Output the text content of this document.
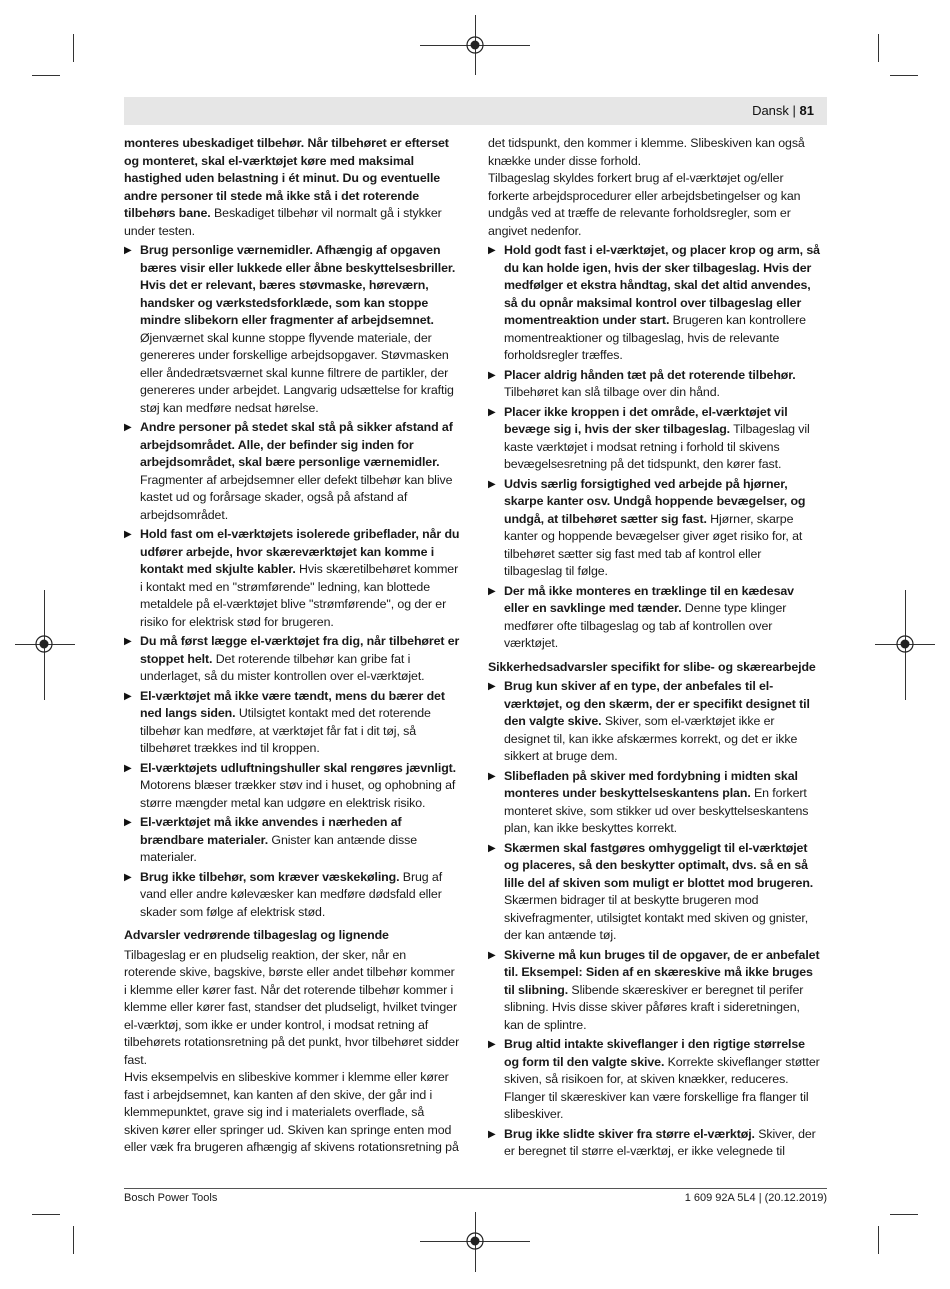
Dansk | 81
monteres ubeskadiget tilbehør. Når tilbehøret er efterset og monteret, skal el-værktøjet køre med maksimal hastighed uden belastning i ét minut. Du og eventuelle andre personer til stede må ikke stå i det roterende tilbehørs bane. Beskadiget tilbehør vil normalt gå i stykker under testen.
▶ Brug personlige værnemidler. Afhængig af opgaven bæres visir eller lukkede eller åbne beskyttelsesbriller. Hvis det er relevant, bæres støvmaske, høreværn, handsker og værkstedsforklæde, som kan stoppe mindre slibekorn eller fragmenter af arbejdsemnet. Øjenværnet skal kunne stoppe flyvende materiale, der genereres under forskellige arbejdsopgaver. Støvmasken eller åndedrætsværnet skal kunne filtrere de partikler, der genereres under arbejdet. Langvarig udsættelse for kraftig støj kan medføre nedsat hørelse.
▶ Andre personer på stedet skal stå på sikker afstand af arbejdsområdet. Alle, der befinder sig inden for arbejdsområdet, skal bære personlige værnemidler. Fragmenter af arbejdsemner eller defekt tilbehør kan blive kastet ud og forårsage skader, også på afstand af arbejdsområdet.
▶ Hold fast om el-værktøjets isolerede gribeflader, når du udfører arbejde, hvor skæreværktøjet kan komme i kontakt med skjulte kabler. Hvis skæretilbehøret kommer i kontakt med en "strømførende" ledning, kan blottede metaldele på el-værktøjet blive "strømførende", og der er risiko for elektrisk stød for brugeren.
▶ Du må først lægge el-værktøjet fra dig, når tilbehøret er stoppet helt. Det roterende tilbehør kan gribe fat i underlaget, så du mister kontrollen over el-værktøjet.
▶ El-værktøjet må ikke være tændt, mens du bærer det ned langs siden. Utilsigtet kontakt med det roterende tilbehør kan medføre, at værktøjet får fat i dit tøj, så tilbehøret trækkes ind til kroppen.
▶ El-værktøjets udluftningshuller skal rengøres jævnligt. Motorens blæser trækker støv ind i huset, og ophobning af større mængder metal kan udgøre en elektrisk risiko.
▶ El-værktøjet må ikke anvendes i nærheden af brændbare materialer. Gnister kan antænde disse materialer.
▶ Brug ikke tilbehør, som kræver væskekøling. Brug af vand eller andre kølevæsker kan medføre dødsfald eller skader som følge af elektrisk stød.
Advarsler vedrørende tilbageslag og lignende
Tilbageslag er en pludselig reaktion, der sker, når en roterende skive, bagskive, børste eller andet tilbehør kommer i klemme eller kører fast. Når det roterende tilbehør kommer i klemme eller kører fast, standser det pludseligt, hvilket tvinger el-værktøj, som ikke er under kontrol, i modsat retning af tilbehørets rotationsretning på det punkt, hvor tilbehøret sidder fast.
Hvis eksempelvis en slibeskive kommer i klemme eller kører fast i arbejdsemnet, kan kanten af den skive, der går ind i klemmepunktet, grave sig ind i materialets overflade, så skiven kører eller springer ud. Skiven kan springe enten mod eller væk fra brugeren afhængig af skivens rotationsretning på
det tidspunkt, den kommer i klemme. Slibeskiven kan også knække under disse forhold.
Tilbageslag skyldes forkert brug af el-værktøjet og/eller forkerte arbejdsprocedurer eller arbejdsbetingelser og kan undgås ved at træffe de relevante forholdsregler, som er angivet nedenfor.
▶ Hold godt fast i el-værktøjet, og placer krop og arm, så du kan holde igen, hvis der sker tilbageslag. Hvis der medfølger et ekstra håndtag, skal det altid anvendes, så du opnår maksimal kontrol over tilbageslag eller momentreaktion under start. Brugeren kan kontrollere momentreaktioner og tilbageslag, hvis de relevante forholdsregler træffes.
▶ Placer aldrig hånden tæt på det roterende tilbehør. Tilbehøret kan slå tilbage over din hånd.
▶ Placer ikke kroppen i det område, el-værktøjet vil bevæge sig i, hvis der sker tilbageslag. Tilbageslag vil kaste værktøjet i modsat retning i forhold til skivens bevægelsesretning på det tidspunkt, den kører fast.
▶ Udvis særlig forsigtighed ved arbejde på hjørner, skarpe kanter osv. Undgå hoppende bevægelser, og undgå, at tilbehøret sætter sig fast. Hjørner, skarpe kanter og hoppende bevægelser giver øget risiko for, at tilbehøret sætter sig fast med tab af kontrol eller tilbageslag til følge.
▶ Der må ikke monteres en træklinge til en kædesav eller en savklinge med tænder. Denne type klinger medfører ofte tilbageslag og tab af kontrollen over værktøjet.
Sikkerhedsadvarsler specifikt for slibe- og skærearbejde
▶ Brug kun skiver af en type, der anbefales til el-værktøjet, og den skærm, der er specifikt designet til den valgte skive. Skiver, som el-værktøjet ikke er designet til, kan ikke afskærmes korrekt, og det er ikke sikkert at bruge dem.
▶ Slibefladen på skiver med fordybning i midten skal monteres under beskyttelseskantens plan. En forkert monteret skive, som stikker ud over beskyttelseskantens plan, kan ikke beskyttes korrekt.
▶ Skærmen skal fastgøres omhyggeligt til el-værktøjet og placeres, så den beskytter optimalt, dvs. så en så lille del af skiven som muligt er blottet mod brugeren. Skærmen bidrager til at beskytte brugeren mod skivefragmenter, utilsigtet kontakt med skiven og gnister, der kan antænde tøj.
▶ Skiverne må kun bruges til de opgaver, de er anbefalet til. Eksempel: Siden af en skæreskive må ikke bruges til slibning. Slibende skæreskiver er beregnet til perifer slibning. Hvis disse skiver påføres kraft i sideretningen, kan de splintre.
▶ Brug altid intakte skiveflanger i den rigtige størrelse og form til den valgte skive. Korrekte skiveflanger støtter skiven, så risikoen for, at skiven knækker, reduceres. Flanger til skæreskiver kan være forskellige fra flanger til slibeskiver.
▶ Brug ikke slidte skiver fra større el-værktøj. Skiver, der er beregnet til større el-værktøj, er ikke velegnede til
Bosch Power Tools	1 609 92A 5L4 | (20.12.2019)
